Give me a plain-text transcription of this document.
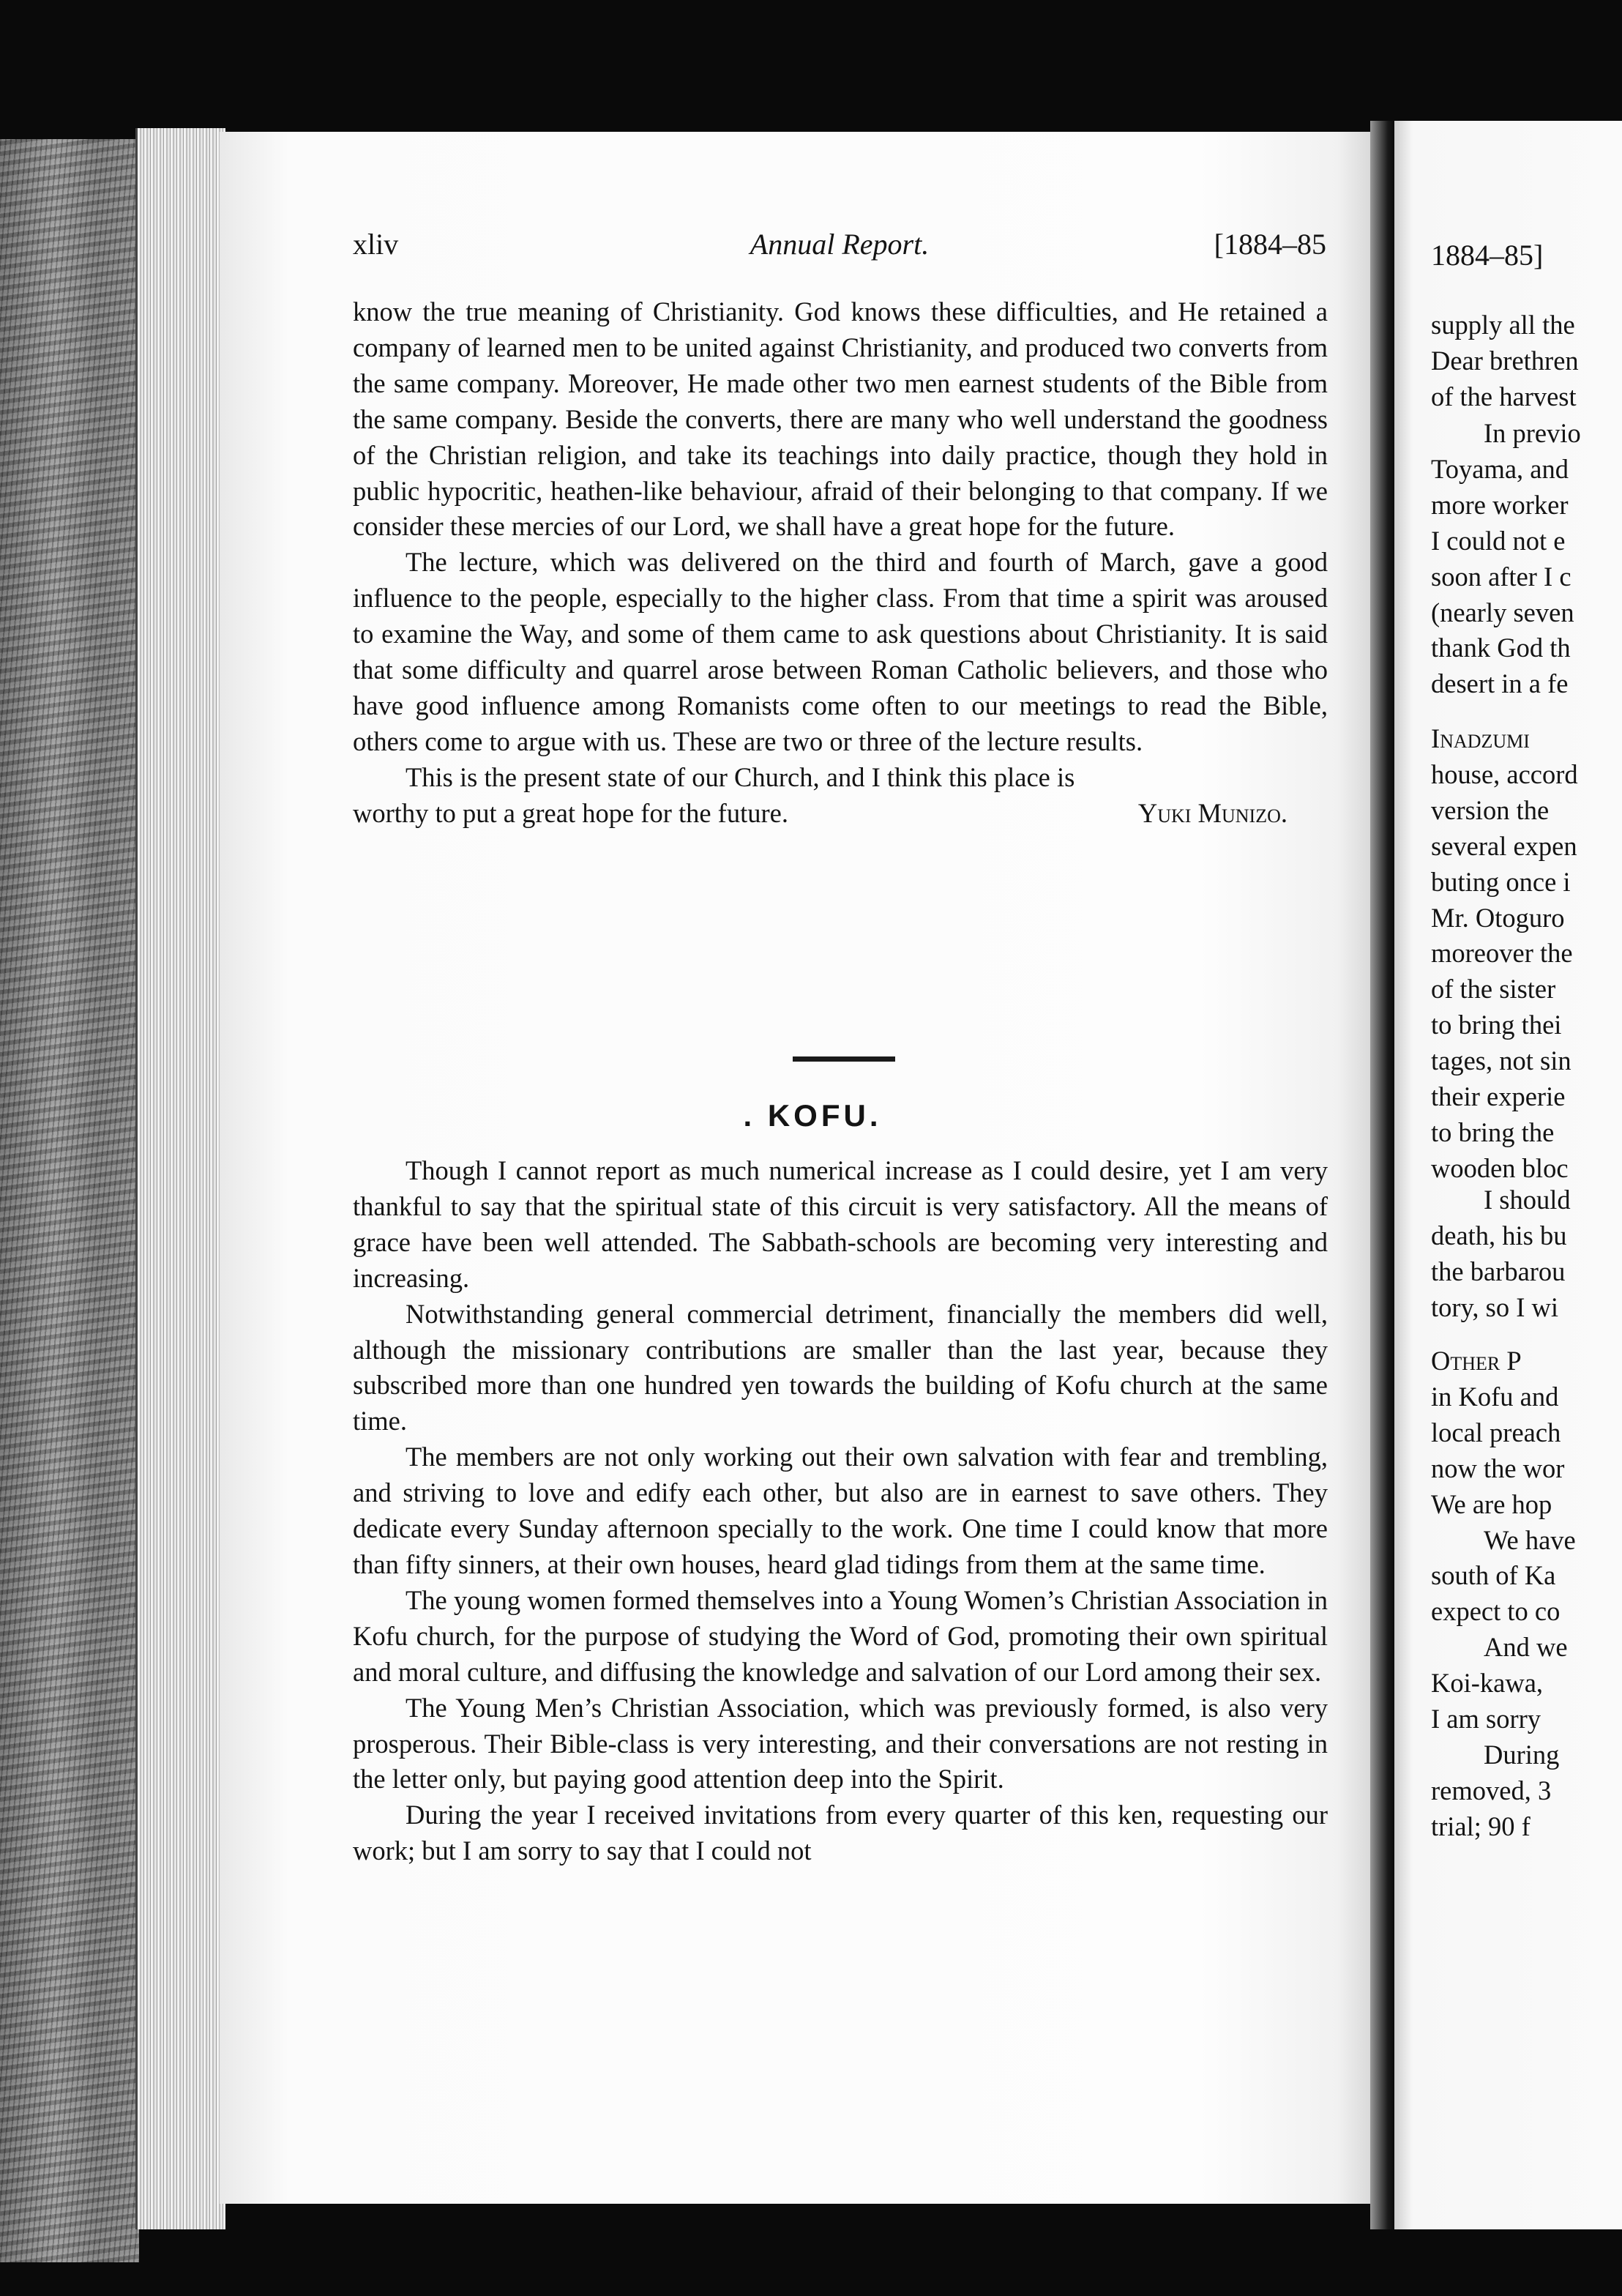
xliv	Annual Report.	[1884–85

know the true meaning of Christianity. God knows these difficulties, and He retained a company of learned men to be united against Christianity, and produced two converts from the same company. Moreover, He made other two men earnest students of the Bible from the same company. Beside the converts, there are many who well understand the goodness of the Christian religion, and take its teachings into daily practice, though they hold in public hypocritic, heathen-like behaviour, afraid of their belonging to that company. If we consider these mercies of our Lord, we shall have a great hope for the future.

The lecture, which was delivered on the third and fourth of March, gave a good influence to the people, especially to the higher class. From that time a spirit was aroused to examine the Way, and some of them came to ask questions about Christianity. It is said that some difficulty and quarrel arose between Roman Catholic believers, and those who have good influence among Romanists come often to our meetings to read the Bible, others come to argue with us. These are two or three of the lecture results.

This is the present state of our Church, and I think this place is

worthy to put a great hope for the future.	Yuki Munizo.
. KOFU.

Though I cannot report as much numerical increase as I could desire, yet I am very thankful to say that the spiritual state of this circuit is very satisfactory. All the means of grace have been well attended. The Sabbath-schools are becoming very interesting and increasing.

Notwithstanding general commercial detriment, financially the members did well, although the missionary contributions are smaller than the last year, because they subscribed more than one hundred yen towards the building of Kofu church at the same time.

The members are not only working out their own salvation with fear and trembling, and striving to love and edify each other, but also are in earnest to save others. They dedicate every Sunday afternoon specially to the work. One time I could know that more than fifty sinners, at their own houses, heard glad tidings from them at the same time.

The young women formed themselves into a Young Women’s Christian Association in Kofu church, for the purpose of studying the Word of God, promoting their own spiritual and moral culture, and diffusing the knowledge and salvation of our Lord among their sex.

The Young Men’s Christian Association, which was previously formed, is also very prosperous. Their Bible-class is very interesting, and their conversations are not resting in the letter only, but paying good attention deep into the Spirit.

During the year I received invitations from every quarter of this ken, requesting our work; but I am sorry to say that I could not

1884–85]

supply all the

Dear brethren

of the harvest

In previo

Toyama, and

more worker

I could not e

soon after I c

(nearly seven

thank God th

desert in a fe

Inadzumi

house, accord

version the

several expen

buting once i

Mr. Otoguro

moreover the

of the sister

to bring thei

tages, not sin

their experie

to bring the

wooden bloc

I should

death, his bu

the barbarou

tory, so I wi

Other P

in Kofu and

local preach

now the wor

We are hop

We have

south of Ka

expect to co

And we

Koi-kawa,

I am sorry

During

removed, 3

trial; 90 f
